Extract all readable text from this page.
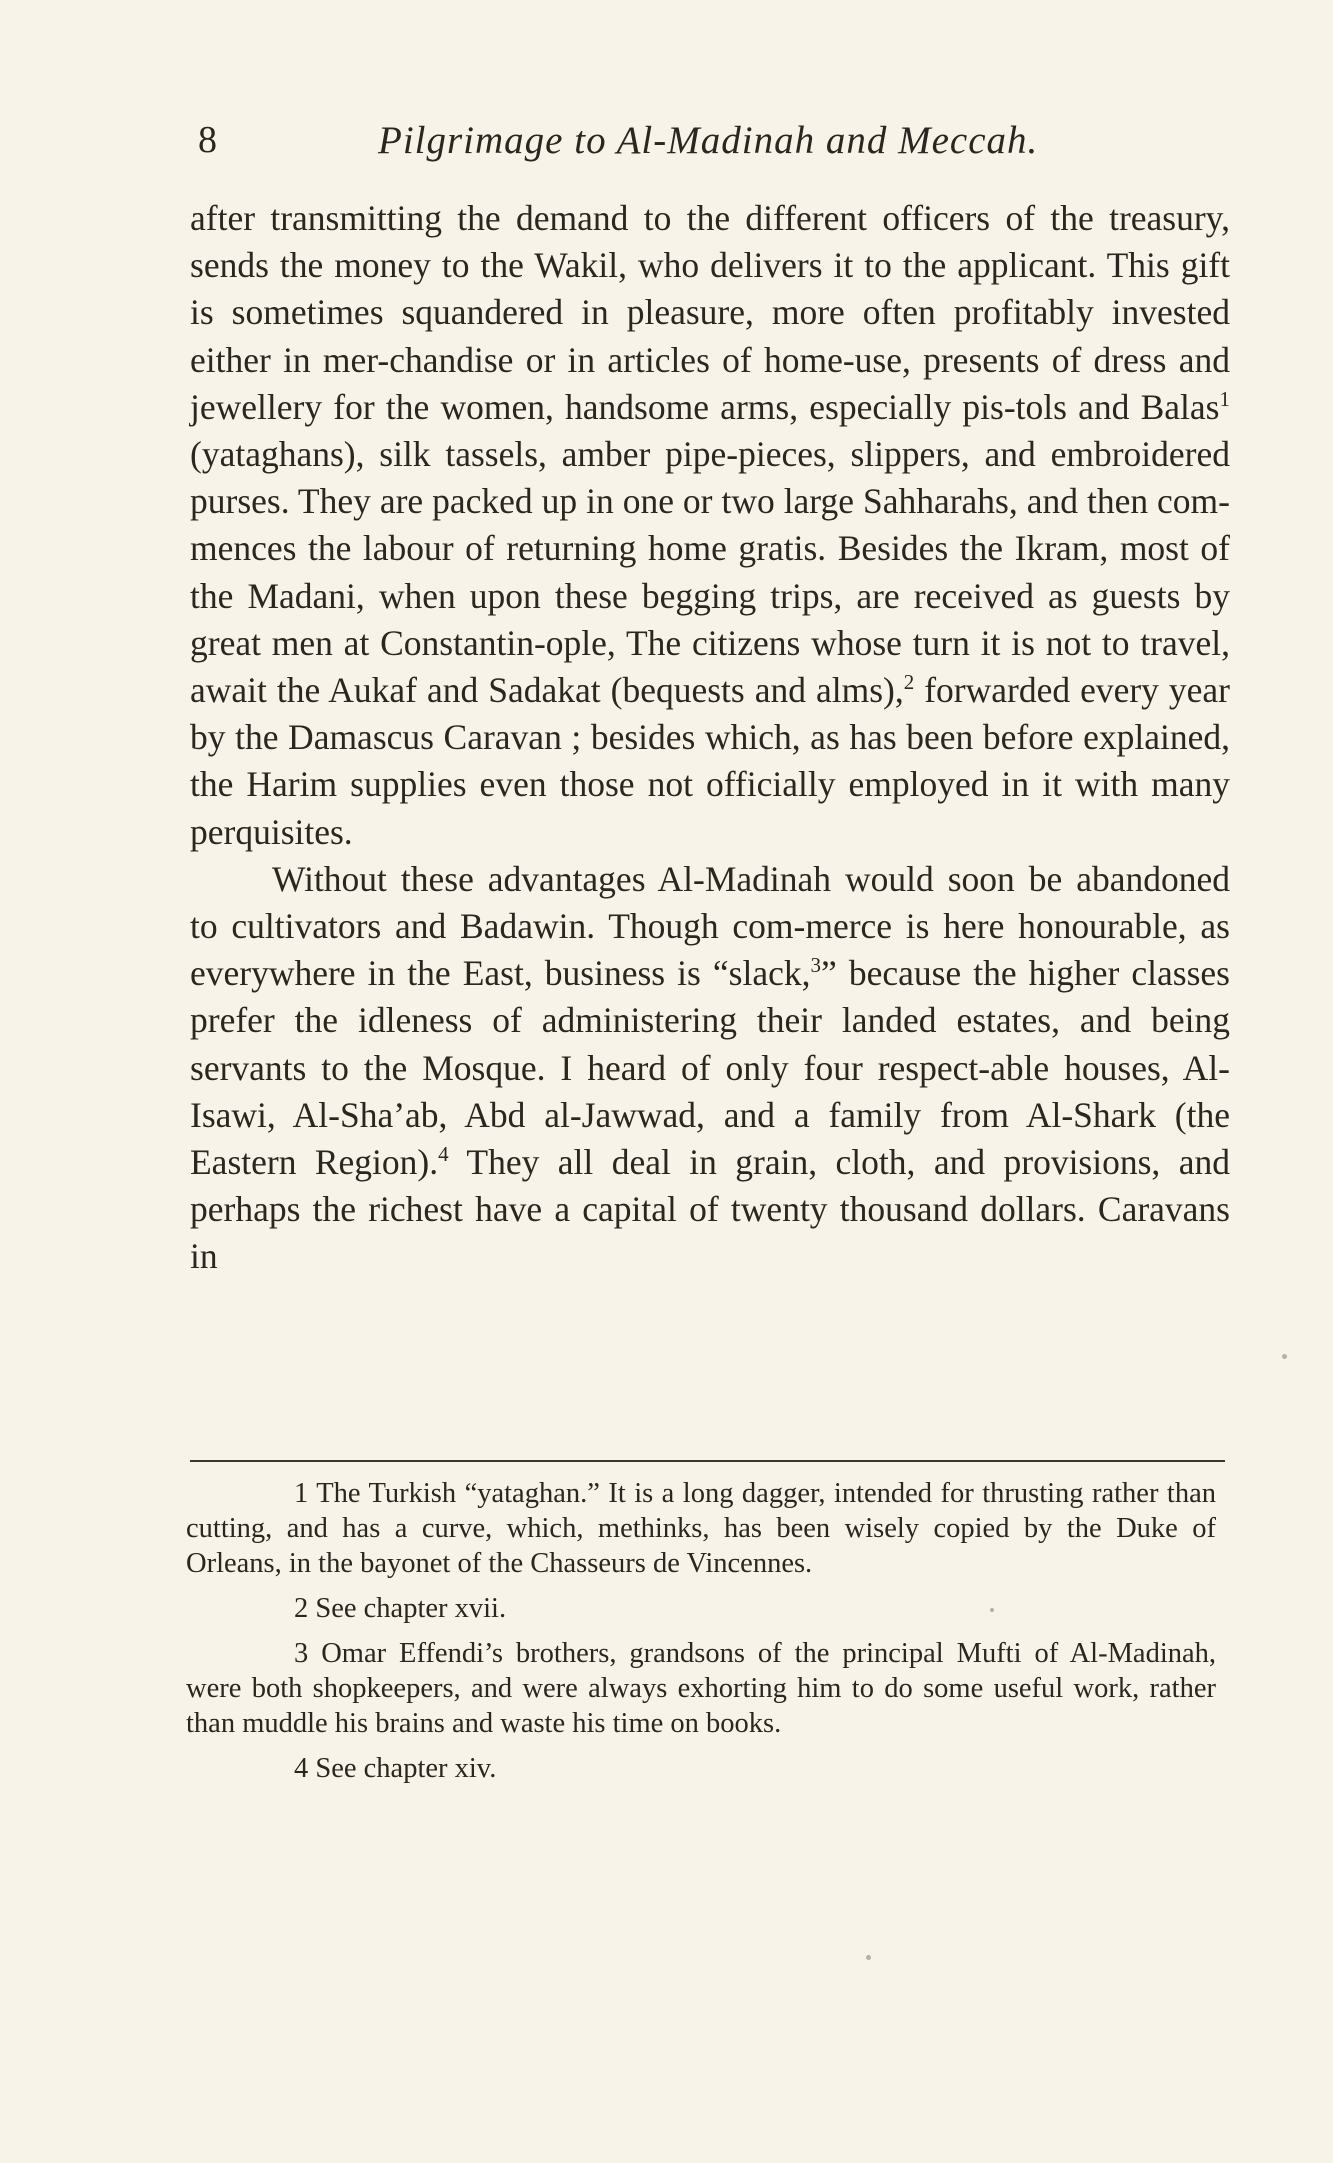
8	Pilgrimage to Al-Madinah and Meccah.

after transmitting the demand to the different officers of the treasury, sends the money to the Wakil, who delivers it to the applicant. This gift is sometimes squandered in pleasure, more often profitably invested either in mer-chandise or in articles of home-use, presents of dress and jewellery for the women, handsome arms, especially pis-tols and Balas$^1$ (yataghans), silk tassels, amber pipe-pieces, slippers, and embroidered purses. They are packed up in one or two large Sahharahs, and then com-mences the labour of returning home gratis. Besides the Ikram, most of the Madani, when upon these begging trips, are received as guests by great men at Constantin-ople, The citizens whose turn it is not to travel, await the Aukaf and Sadakat (bequests and alms),$^2$ forwarded every year by the Damascus Caravan ; besides which, as has been before explained, the Harim supplies even those not officially employed in it with many perquisites.

Without these advantages Al-Madinah would soon be abandoned to cultivators and Badawin. Though com-merce is here honourable, as everywhere in the East, business is “slack,$^3$” because the higher classes prefer the idleness of administering their landed estates, and being servants to the Mosque. I heard of only four respect-able houses, Al-Isawi, Al-Sha’ab, Abd al-Jawwad, and a family from Al-Shark (the Eastern Region).$^4$ They all deal in grain, cloth, and provisions, and perhaps the richest have a capital of twenty thousand dollars. Caravans in

1 The Turkish “yataghan.” It is a long dagger, intended for thrusting rather than cutting, and has a curve, which, methinks, has been wisely copied by the Duke of Orleans, in the bayonet of the Chasseurs de Vincennes.

2 See chapter xvii.

3 Omar Effendi’s brothers, grandsons of the principal Mufti of Al-Madinah, were both shopkeepers, and were always exhorting him to do some useful work, rather than muddle his brains and waste his time on books.

4 See chapter xiv.
